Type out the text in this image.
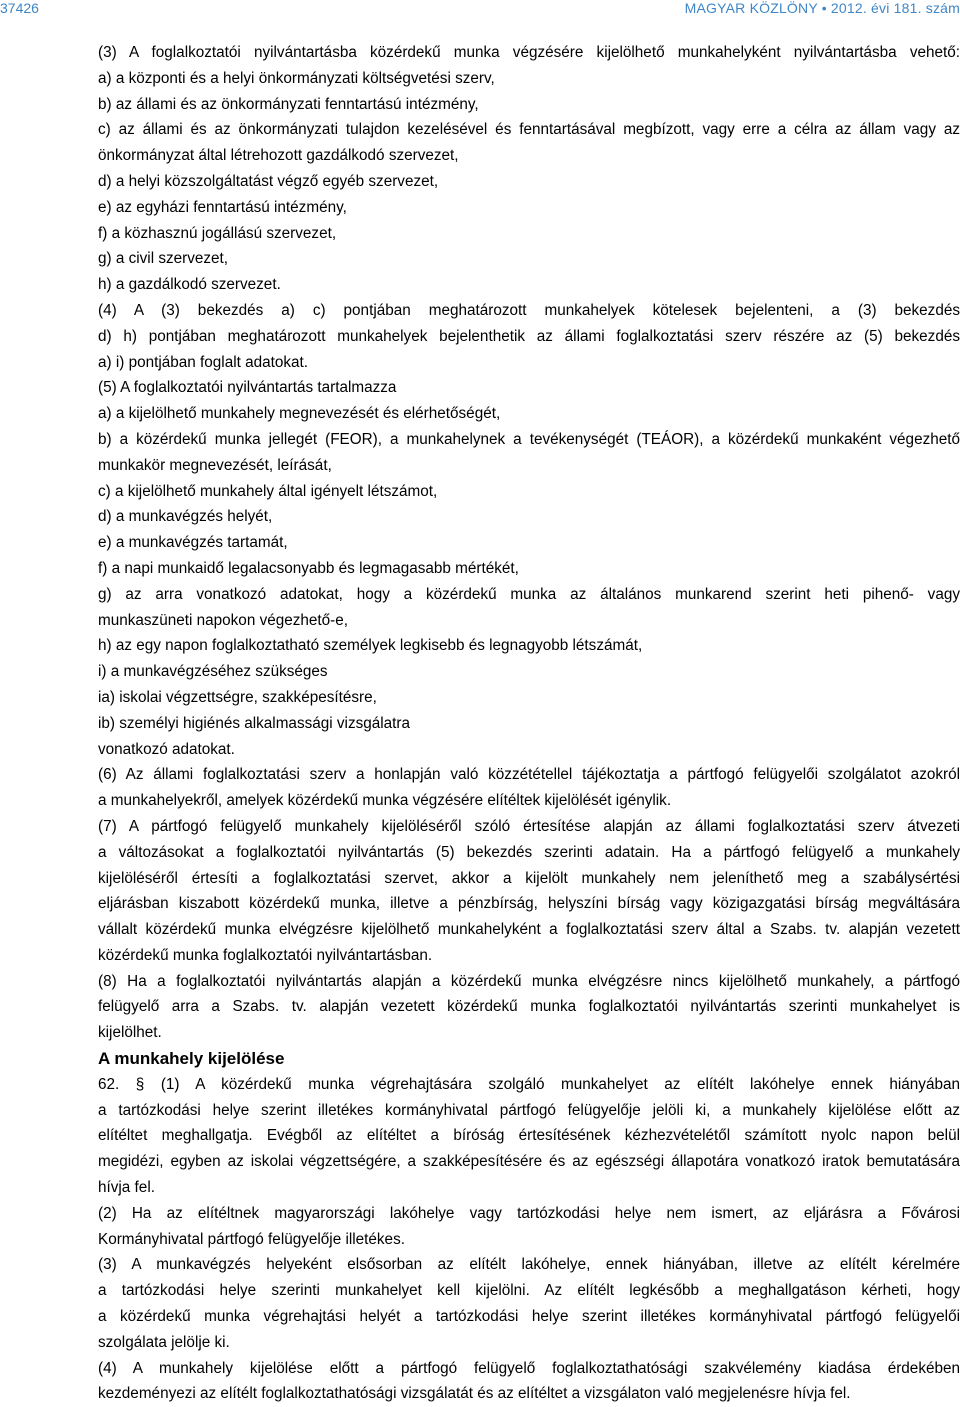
37426	MAGYAR KÖZLÖNY • 2012. évi 181. szám
(3) A foglalkoztatói nyilvántartásba közérdekű munka végzésére kijelölhető munkahelyként nyilvántartásba vehető:
a) a központi és a helyi önkormányzati költségvetési szerv,
b) az állami és az önkormányzati fenntartású intézmény,
c) az állami és az önkormányzati tulajdon kezelésével és fenntartásával megbízott, vagy erre a célra az állam vagy az
önkormányzat által létrehozott gazdálkodó szervezet,
d) a helyi közszolgáltatást végző egyéb szervezet,
e) az egyházi fenntartású intézmény,
f) a közhasznú jogállású szervezet,
g) a civil szervezet,
h) a gazdálkodó szervezet.
(4) A (3) bekezdés a) c) pontjában meghatározott munkahelyek kötelesek bejelenteni, a (3) bekezdés
d) h) pontjában meghatározott munkahelyek bejelenthetik az állami foglalkoztatási szerv részére az (5) bekezdés
a) i) pontjában foglalt adatokat.
(5) A foglalkoztatói nyilvántartás tartalmazza
a) a kijelölhető munkahely megnevezését és elérhetőségét,
b) a közérdekű munka jellegét (FEOR), a munkahelynek a tevékenységét (TEÁOR), a közérdekű munkaként végezhető
munkakör megnevezését, leírását,
c) a kijelölhető munkahely által igényelt létszámot,
d) a munkavégzés helyét,
e) a munkavégzés tartamát,
f) a napi munkaidő legalacsonyabb és legmagasabb mértékét,
g) az arra vonatkozó adatokat, hogy a közérdekű munka az általános munkarend szerint heti pihenő- vagy
munkaszüneti napokon végezhető-e,
h) az egy napon foglalkoztatható személyek legkisebb és legnagyobb létszámát,
i) a munkavégzéséhez szükséges
ia) iskolai végzettségre, szakképesítésre,
ib) személyi higiénés alkalmassági vizsgálatra
vonatkozó adatokat.
(6) Az állami foglalkoztatási szerv a honlapján való közzététellel tájékoztatja a pártfogó felügyelői szolgálatot azokról
a munkahelyekről, amelyek közérdekű munka végzésére elítéltek kijelölését igénylik.
(7) A pártfogó felügyelő munkahely kijelöléséről szóló értesítése alapján az állami foglalkoztatási szerv átvezeti
a változásokat a foglalkoztatói nyilvántartás (5) bekezdés szerinti adatain. Ha a pártfogó felügyelő a munkahely
kijelöléséről értesíti a foglalkoztatási szervet, akkor a kijelölt munkahely nem jeleníthető meg a szabálysértési
eljárásban kiszabott közérdekű munka, illetve a pénzbírság, helyszíni bírság vagy közigazgatási bírság megváltására
vállalt közérdekű munka elvégzésre kijelölhető munkahelyként a foglalkoztatási szerv által a Szabs. tv. alapján vezetett
közérdekű munka foglalkoztatói nyilvántartásban.
(8) Ha a foglalkoztatói nyilvántartás alapján a közérdekű munka elvégzésre nincs kijelölhető munkahely, a pártfogó
felügyelő arra a Szabs. tv. alapján vezetett közérdekű munka foglalkoztatói nyilvántartás szerinti munkahelyet is
kijelölhet.
A munkahely kijelölése
62. § (1) A közérdekű munka végrehajtására szolgáló munkahelyet az elítélt lakóhelye ennek hiányában
a tartózkodási helye szerint illetékes kormányhivatal pártfogó felügyelője jelöli ki, a munkahely kijelölése előtt az
elítéltet meghallgatja. Evégből az elítéltet a bíróság értesítésének kézhezvételétől számított nyolc napon belül
megidézi, egyben az iskolai végzettségére, a szakképesítésére és az egészségi állapotára vonatkozó iratok bemutatására
hívja fel.
(2) Ha az elítéltnek magyarországi lakóhelye vagy tartózkodási helye nem ismert, az eljárásra a Fővárosi
Kormányhivatal pártfogó felügyelője illetékes.
(3) A munkavégzés helyeként elsősorban az elítélt lakóhelye, ennek hiányában, illetve az elítélt kérelmére
a tartózkodási helye szerinti munkahelyet kell kijelölni. Az elítélt legkésőbb a meghallgatáson kérheti, hogy
a közérdekű munka végrehajtási helyét a tartózkodási helye szerint illetékes kormányhivatal pártfogó felügyelői
szolgálata jelölje ki.
(4) A munkahely kijelölése előtt a pártfogó felügyelő foglalkoztathatósági szakvélemény kiadása érdekében
kezdeményezi az elítélt foglalkoztathatósági vizsgálatát és az elítéltet a vizsgálaton való megjelenésre hívja fel.
